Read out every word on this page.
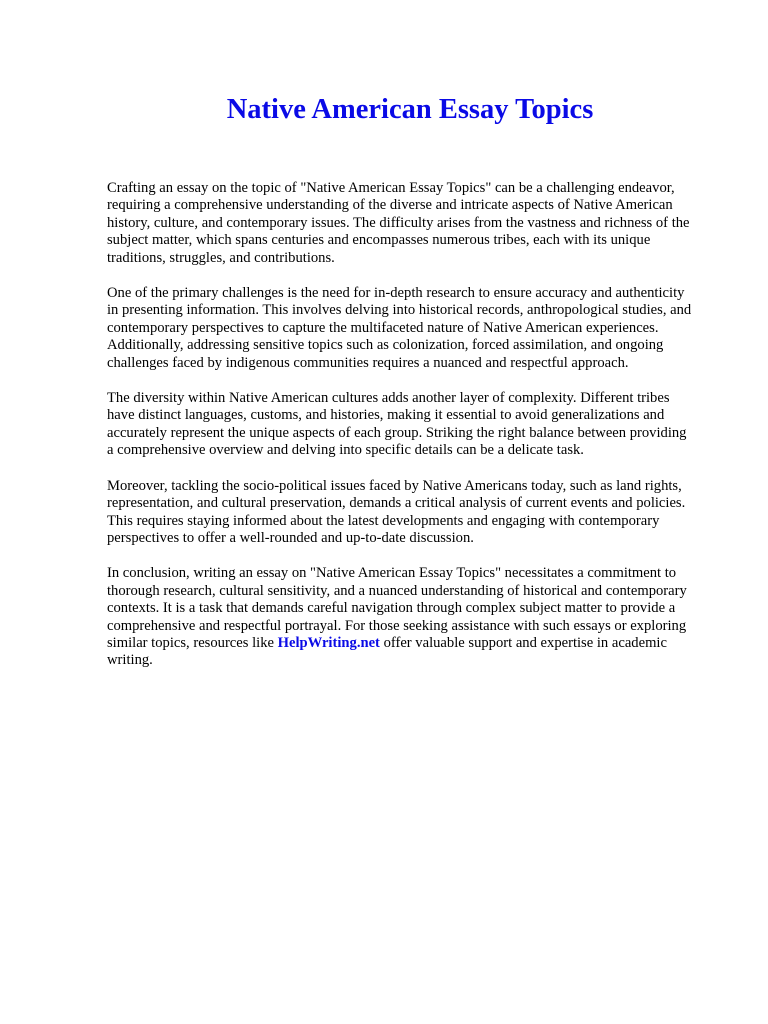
Native American Essay Topics

Crafting an essay on the topic of "Native American Essay Topics" can be a challenging endeavor,
requiring a comprehensive understanding of the diverse and intricate aspects of Native American
history, culture, and contemporary issues. The difficulty arises from the vastness and richness of the
subject matter, which spans centuries and encompasses numerous tribes, each with its unique
traditions, struggles, and contributions.

One of the primary challenges is the need for in-depth research to ensure accuracy and authenticity
in presenting information. This involves delving into historical records, anthropological studies, and
contemporary perspectives to capture the multifaceted nature of Native American experiences.
Additionally, addressing sensitive topics such as colonization, forced assimilation, and ongoing
challenges faced by indigenous communities requires a nuanced and respectful approach.

The diversity within Native American cultures adds another layer of complexity. Different tribes
have distinct languages, customs, and histories, making it essential to avoid generalizations and
accurately represent the unique aspects of each group. Striking the right balance between providing
a comprehensive overview and delving into specific details can be a delicate task.

Moreover, tackling the socio-political issues faced by Native Americans today, such as land rights,
representation, and cultural preservation, demands a critical analysis of current events and policies.
This requires staying informed about the latest developments and engaging with contemporary
perspectives to offer a well-rounded and up-to-date discussion.

In conclusion, writing an essay on "Native American Essay Topics" necessitates a commitment to
thorough research, cultural sensitivity, and a nuanced understanding of historical and contemporary
contexts. It is a task that demands careful navigation through complex subject matter to provide a
comprehensive and respectful portrayal. For those seeking assistance with such essays or exploring
similar topics, resources like HelpWriting.net offer valuable support and expertise in academic
writing.
